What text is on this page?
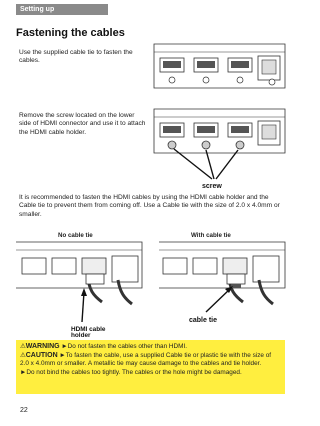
Setting up
Fastening the cables
Use the supplied cable tie to fasten the cables.
Remove the screw located on the lower side of HDMI connector and use it to attach the HDMI cable holder.
screw
It is recommended to fasten the HDMI cables by using the HDMI cable holder and the Cable tie to prevent them from coming off. Use a Cable tie with the size of 2.0 x 4.0mm or smaller.
No cable tie	With cable tie
HDMI cable
holder
cable tie
⚠WARNING ►Do not fasten the cables other than HDMI.
⚠CAUTION ►To fasten the cable, use a supplied Cable tie or plastic tie with the size of 2.0 x 4.0mm or smaller. A metallic tie may cause damage to the cables and tie holder.
►Do not bind the cables too tightly. The cables or the hole might be damaged.
22
